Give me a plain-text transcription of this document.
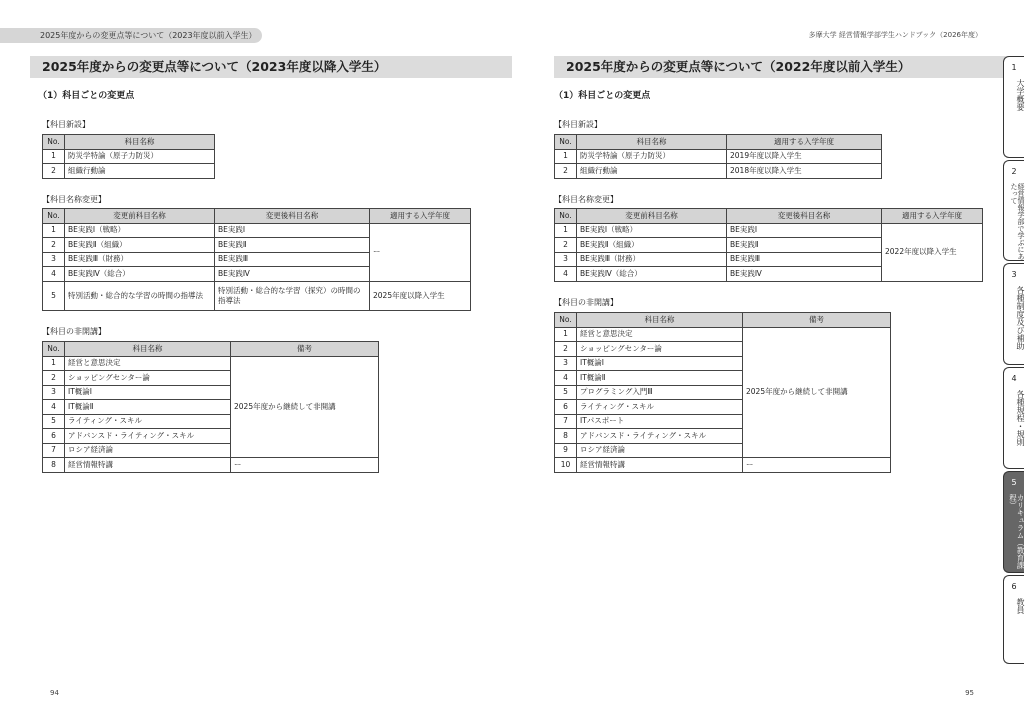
2025年度からの変更点等について（2023年度以前入学生）
2025年度からの変更点等について（2023年度以降入学生）
（1）科目ごとの変更点
【科目新設】
No.	科目名称
1	防災学特論（原子力防災）
2	組織行動論
【科目名称変更】
No.	変更前科目名称	変更後科目名称	適用する入学年度
1	BE実践Ⅰ（戦略）	BE実践Ⅰ	ー
2	BE実践Ⅱ（組織）	BE実践Ⅱ	
3	BE実践Ⅲ（財務）	BE実践Ⅲ	
4	BE実践Ⅳ（総合）	BE実践Ⅳ	
5	特別活動・総合的な学習の時間の指導法	特別活動・総合的な学習（探究）の時間の指導法	2025年度以降入学生
【科目の非開講】
No.	科目名称	備考
1	経営と意思決定	2025年度から継続して非開講
2	ショッピングセンター論	
3	IT概論Ⅰ	
4	IT概論Ⅱ	
5	ライティング・スキル	
6	アドバンスド・ライティング・スキル	
7	ロシア経済論	
8	経営情報特講	ー
94
多摩大学 経営情報学部学生ハンドブック（2026年度）
2025年度からの変更点等について（2022年度以前入学生）
（1）科目ごとの変更点
【科目新設】
No.	科目名称	適用する入学年度
1	防災学特論（原子力防災）	2019年度以降入学生
2	組織行動論	2018年度以降入学生
【科目名称変更】
No.	変更前科目名称	変更後科目名称	適用する入学年度
1	BE実践Ⅰ（戦略）	BE実践Ⅰ	2022年度以降入学生
2	BE実践Ⅱ（組織）	BE実践Ⅱ	
3	BE実践Ⅲ（財務）	BE実践Ⅲ	
4	BE実践Ⅳ（総合）	BE実践Ⅳ	
【科目の非開講】
No.	科目名称	備考
1	経営と意思決定	2025年度から継続して非開講
2	ショッピングセンター論	
3	IT概論Ⅰ	
4	IT概論Ⅱ	
5	プログラミング入門Ⅲ	
6	ライティング・スキル	
7	ITパスポート	
8	アドバンスド・ライティング・スキル	
9	ロシア経済論	
10	経営情報特講	ー
95
1
大学概要
2
経営情報学部で学ぶにあたって
3
各種制度及び補助
4
各種規程・規則
5
カリキュラム（教育課程）
6
教員
